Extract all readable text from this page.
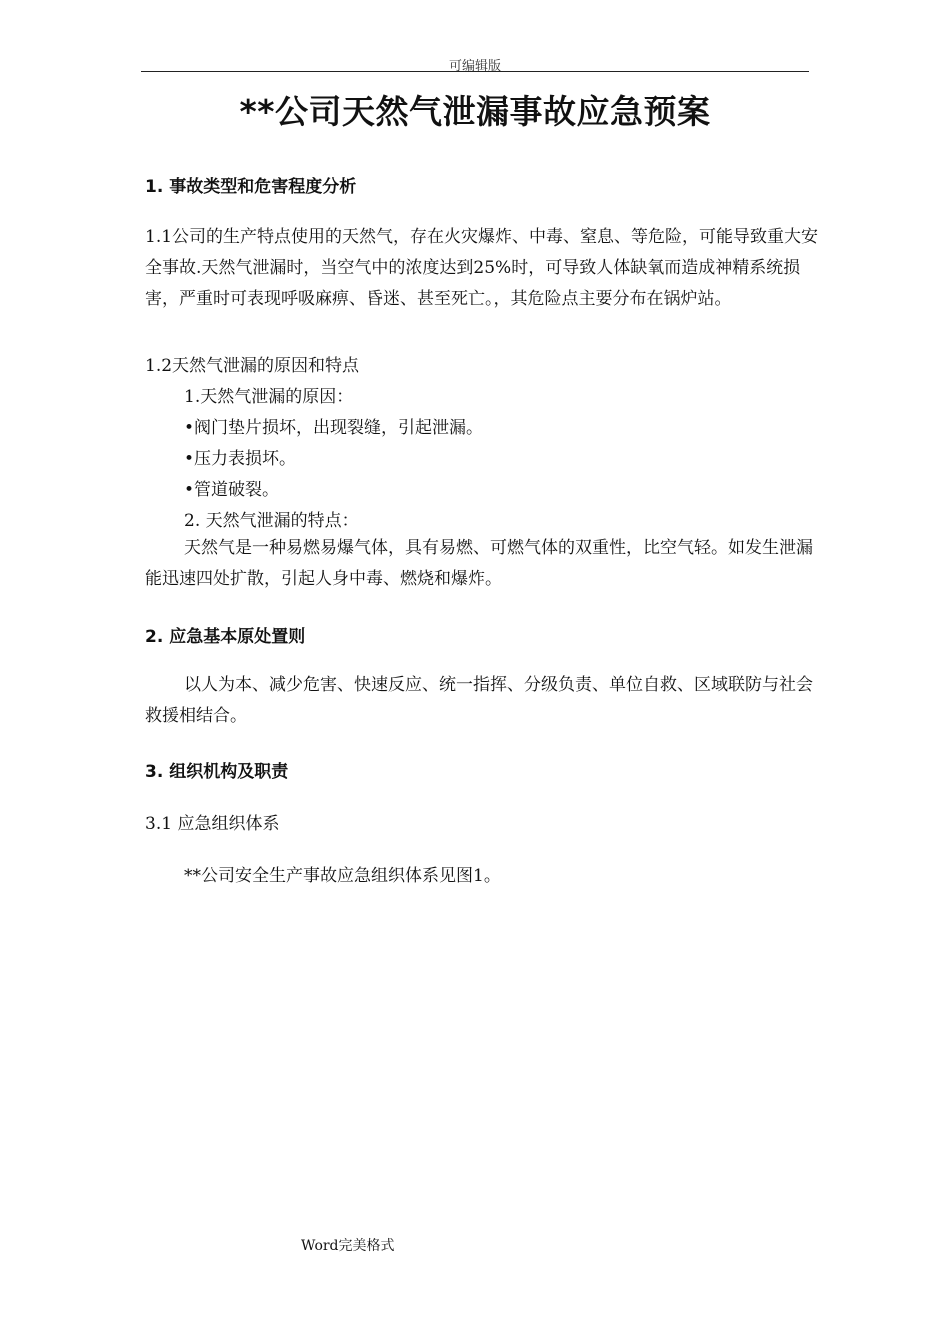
可编辑版
**公司天然气泄漏事故应急预案
1. 事故类型和危害程度分析

1.1公司的生产特点使用的天然气，存在火灾爆炸、中毒、窒息、等危险，可能导致重大安全事故.天然气泄漏时，当空气中的浓度达到25%时，可导致人体缺氧而造成神精系统损害，严重时可表现呼吸麻痹、昏迷、甚至死亡。，其危险点主要分布在锅炉站。

1.2天然气泄漏的原因和特点
1.天然气泄漏的原因：
•阀门垫片损坏，出现裂缝，引起泄漏。
•压力表损坏。
•管道破裂。
2. 天然气泄漏的特点：

天然气是一种易燃易爆气体，具有易燃、可燃气体的双重性，比空气轻。如发生泄漏能迅速四处扩散，引起人身中毒、燃烧和爆炸。

2. 应急基本原处置则

以人为本、减少危害、快速反应、统一指挥、分级负责、单位自救、区域联防与社会救援相结合。

3. 组织机构及职责
3.1 应急组织体系
**公司安全生产事故应急组织体系见图1。
Word完美格式
